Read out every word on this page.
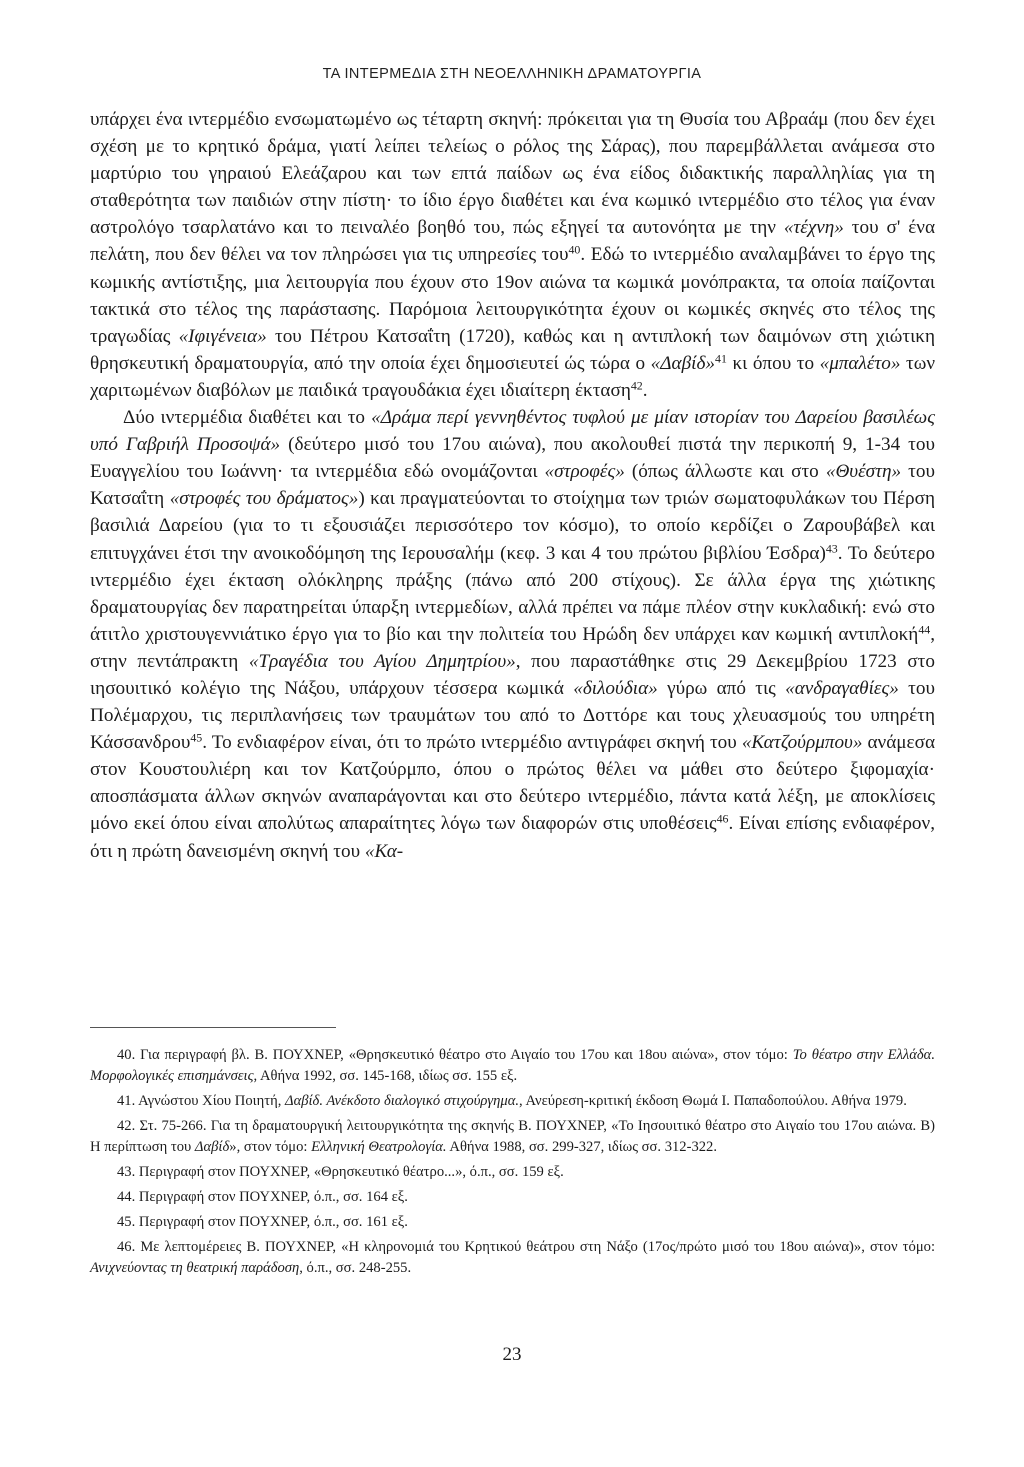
ΤΑ ΙΝΤΕΡΜΕΔΙΑ ΣΤΗ ΝΕΟΕΛΛΗΝΙΚΗ ΔΡΑΜΑΤΟΥΡΓΙΑ

υπάρχει ένα ιντερμέδιο ενσωματωμένο ως τέταρτη σκηνή: πρόκειται για τη Θυσία του Αβραάμ (που δεν έχει σχέση με το κρητικό δράμα, γιατί λείπει τελείως ο ρόλος της Σάρας), που παρεμβάλλεται ανάμεσα στο μαρτύριο του γηραιού Ελεάζαρου και των επτά παίδων ως ένα είδος διδακτικής παραλληλίας για τη σταθερότητα των παιδιών στην πίστη· το ίδιο έργο διαθέτει και ένα κωμικό ιντερμέδιο στο τέλος για έναν αστρολόγο τσαρλατάνο και το πειναλέο βοηθό του, πώς εξηγεί τα αυτονόητα με την «τέχνη» του σ' ένα πελάτη, που δεν θέλει να τον πληρώσει για τις υπηρεσίες του$^{40}$. Εδώ το ιντερμέδιο αναλαμβάνει το έργο της κωμικής αντίστιξης, μια λειτουργία που έχουν στο 19ον αιώνα τα κωμικά μονόπρακτα, τα οποία παίζονται τακτικά στο τέλος της παράστασης. Παρόμοια λειτουργικότητα έχουν οι κωμικές σκηνές στο τέλος της τραγωδίας «Ιφιγένεια» του Πέτρου Κατσαΐτη (1720), καθώς και η αντιπλοκή των δαιμόνων στη χιώτικη θρησκευτική δραματουργία, από την οποία έχει δημοσιευτεί ώς τώρα ο «Δαβίδ»$^{41}$ κι όπου το «μπαλέτο» των χαριτωμένων διαβόλων με παιδικά τραγουδάκια έχει ιδιαίτερη έκταση$^{42}$.

Δύο ιντερμέδια διαθέτει και το «Δράμα περί γεννηθέντος τυφλού με μίαν ιστορίαν του Δαρείου βασιλέως υπό Γαβριήλ Προσοψά» (δεύτερο μισό του 17ου αιώνα), που ακολουθεί πιστά την περικοπή 9, 1-34 του Ευαγγελίου του Ιωάννη· τα ιντερμέδια εδώ ονομάζονται «στροφές» (όπως άλλωστε και στο «Θυέστη» του Κατσαΐτη «στροφές του δράματος») και πραγματεύονται το στοίχημα των τριών σωματοφυλάκων του Πέρση βασιλιά Δαρείου (για το τι εξουσιάζει περισσότερο τον κόσμο), το οποίο κερδίζει ο Ζαρουβάβελ και επιτυγχάνει έτσι την ανοικοδόμηση της Ιερουσαλήμ (κεφ. 3 και 4 του πρώτου βιβλίου Έσδρα)$^{43}$. Το δεύτερο ιντερμέδιο έχει έκταση ολόκληρης πράξης (πάνω από 200 στίχους). Σε άλλα έργα της χιώτικης δραματουργίας δεν παρατηρείται ύπαρξη ιντερμεδίων, αλλά πρέπει να πάμε πλέον στην κυκλαδική: ενώ στο άτιτλο χριστουγεννιάτικο έργο για το βίο και την πολιτεία του Ηρώδη δεν υπάρχει καν κωμική αντιπλοκή$^{44}$, στην πεντάπρακτη «Τραγέδια του Αγίου Δημητρίου», που παραστάθηκε στις 29 Δεκεμβρίου 1723 στο ιησουιτικό κολέγιο της Νάξου, υπάρχουν τέσσερα κωμικά «διλούδια» γύρω από τις «ανδραγαθίες» του Πολέμαρχου, τις περιπλανήσεις των τραυμάτων του από το Δοττόρε και τους χλευασμούς του υπηρέτη Κάσσανδρου$^{45}$. Το ενδιαφέρον είναι, ότι το πρώτο ιντερμέδιο αντιγράφει σκηνή του «Κατζούρμπου» ανάμεσα στον Κουστουλιέρη και τον Κατζούρμπο, όπου ο πρώτος θέλει να μάθει στο δεύτερο ξιφομαχία· αποσπάσματα άλλων σκηνών αναπαράγονται και στο δεύτερο ιντερμέδιο, πάντα κατά λέξη, με αποκλίσεις μόνο εκεί όπου είναι απολύτως απαραίτητες λόγω των διαφορών στις υποθέσεις$^{46}$. Είναι επίσης ενδιαφέρον, ότι η πρώτη δανεισμένη σκηνή του «Κα-

40. Για περιγραφή βλ. Β. ΠΟΥΧΝΕΡ, «Θρησκευτικό θέατρο στο Αιγαίο του 17ου και 18ου αιώνα», στον τόμο: Το θέατρο στην Ελλάδα. Μορφολογικές επισημάνσεις, Αθήνα 1992, σσ. 145-168, ιδίως σσ. 155 εξ.

41. Αγνώστου Χίου Ποιητή, Δαβίδ. Ανέκδοτο διαλογικό στιχούργημα., Ανεύρεση-κριτική έκδοση Θωμά Ι. Παπαδοπούλου. Αθήνα 1979.

42. Στ. 75-266. Για τη δραματουργική λειτουργικότητα της σκηνής Β. ΠΟΥΧΝΕΡ, «Το Ιησουιτικό θέατρο στο Αιγαίο του 17ου αιώνα. Β) Η περίπτωση του Δαβίδ», στον τόμο: Ελληνική Θεατρολογία. Αθήνα 1988, σσ. 299-327, ιδίως σσ. 312-322.

43. Περιγραφή στον ΠΟΥΧΝΕΡ, «Θρησκευτικό θέατρο...», ό.π., σσ. 159 εξ.

44. Περιγραφή στον ΠΟΥΧΝΕΡ, ό.π., σσ. 164 εξ.

45. Περιγραφή στον ΠΟΥΧΝΕΡ, ό.π., σσ. 161 εξ.

46. Με λεπτομέρειες Β. ΠΟΥΧΝΕΡ, «Η κληρονομιά του Κρητικού θεάτρου στη Νάξο (17ος/πρώτο μισό του 18ου αιώνα)», στον τόμο: Ανιχνεύοντας τη θεατρική παράδοση, ό.π., σσ. 248-255.

23
